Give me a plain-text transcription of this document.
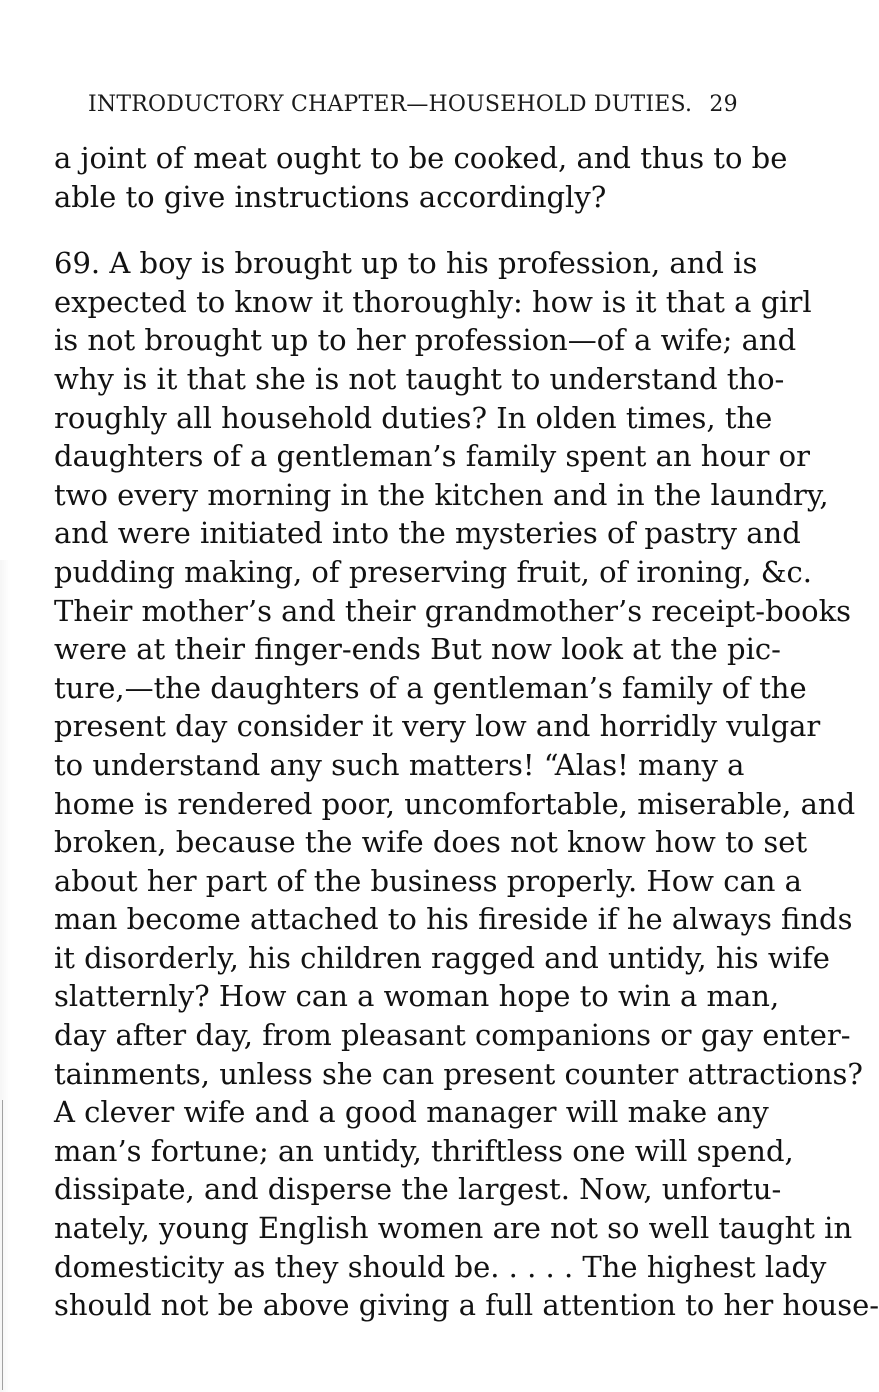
INTRODUCTORY CHAPTER—HOUSEHOLD DUTIES. 29
a joint of meat ought to be cooked, and thus to be
able to give instructions accordingly?
69. A boy is brought up to his profession, and is
expected to know it thoroughly: how is it that a girl
is not brought up to her profession—of a wife; and
why is it that she is not taught to understand tho-
roughly all household duties? In olden times, the
daughters of a gentleman’s family spent an hour or
two every morning in the kitchen and in the laundry,
and were initiated into the mysteries of pastry and
pudding making, of preserving fruit, of ironing, &c.
Their mother’s and their grandmother’s receipt-books
were at their finger-ends But now look at the pic-
ture,—the daughters of a gentleman’s family of the
present day consider it very low and horridly vulgar
to understand any such matters! “Alas! many a
home is rendered poor, uncomfortable, miserable, and
broken, because the wife does not know how to set
about her part of the business properly. How can a
man become attached to his fireside if he always finds
it disorderly, his children ragged and untidy, his wife
slatternly? How can a woman hope to win a man,
day after day, from pleasant companions or gay enter-
tainments, unless she can present counter attractions?
A clever wife and a good manager will make any
man’s fortune; an untidy, thriftless one will spend,
dissipate, and disperse the largest. Now, unfortu-
nately, young English women are not so well taught in
domesticity as they should be. . . . . The highest lady
should not be above giving a full attention to her house-
